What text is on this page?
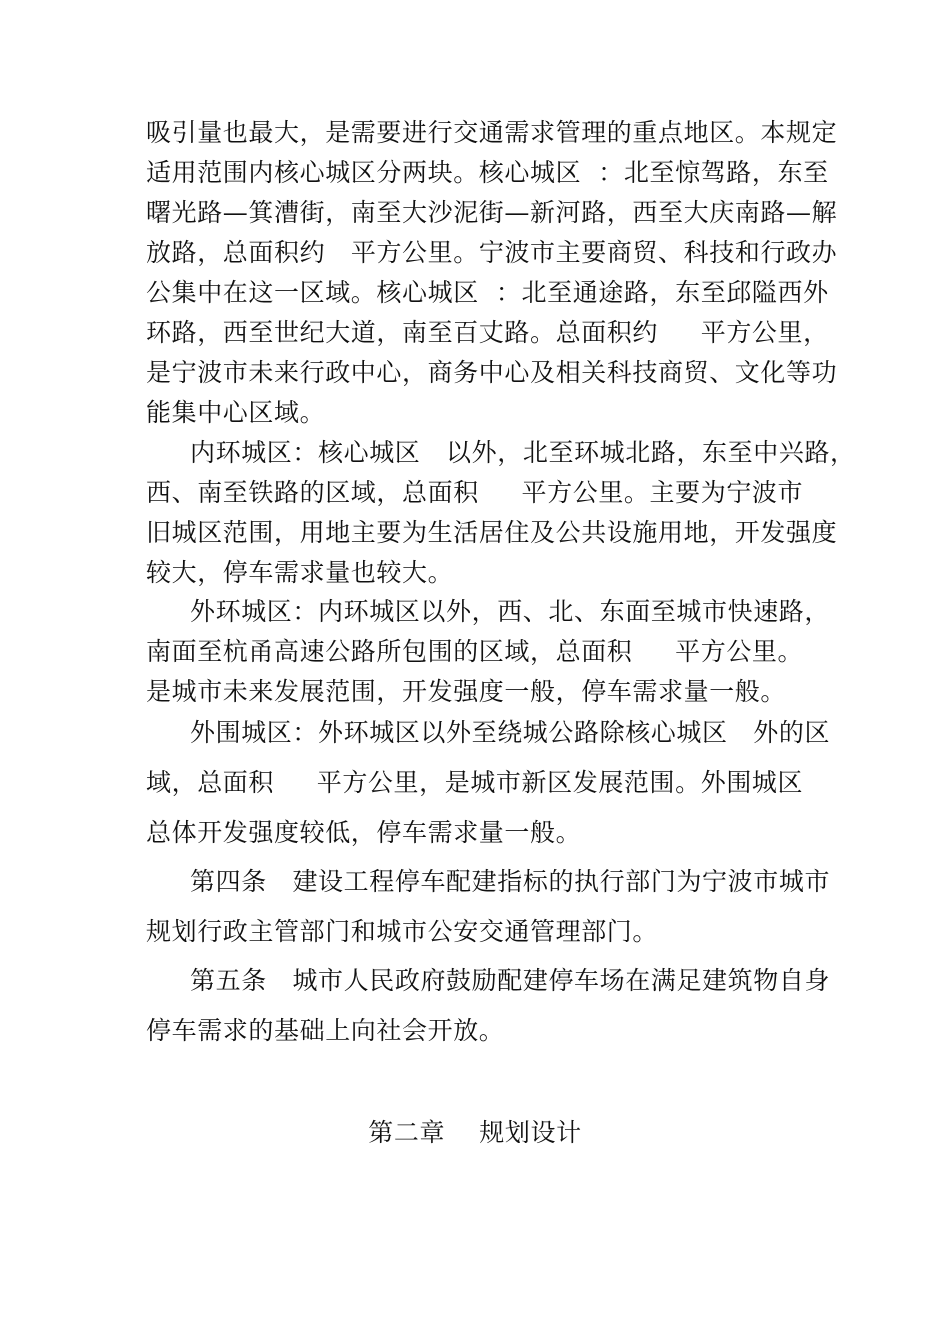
吸引量也最大，是需要进行交通需求管理的重点地区。本规定
适用范围内核心城区分两块。核心城区  ：北至惊驾路，东至
曙光路—箕漕街，南至大沙泥街—新河路，西至大庆南路—解
放路，总面积约   平方公里。宁波市主要商贸、科技和行政办
公集中在这一区域。核心城区  ：北至通途路，东至邱隘西外
环路，西至世纪大道，南至百丈路。总面积约     平方公里，
是宁波市未来行政中心，商务中心及相关科技商贸、文化等功
能集中心区域。
内环城区：核心城区   以外，北至环城北路，东至中兴路，
西、南至铁路的区域，总面积     平方公里。主要为宁波市
旧城区范围，用地主要为生活居住及公共设施用地，开发强度
较大，停车需求量也较大。
外环城区：内环城区以外，西、北、东面至城市快速路，
南面至杭甬高速公路所包围的区域，总面积     平方公里。
是城市未来发展范围，开发强度一般，停车需求量一般。
外围城区：外环城区以外至绕城公路除核心城区   外的区
域，总面积     平方公里，是城市新区发展范围。外围城区
总体开发强度较低，停车需求量一般。
第四条   建设工程停车配建指标的执行部门为宁波市城市
规划行政主管部门和城市公安交通管理部门。
第五条   城市人民政府鼓励配建停车场在满足建筑物自身
停车需求的基础上向社会开放。
第二章    规划设计
